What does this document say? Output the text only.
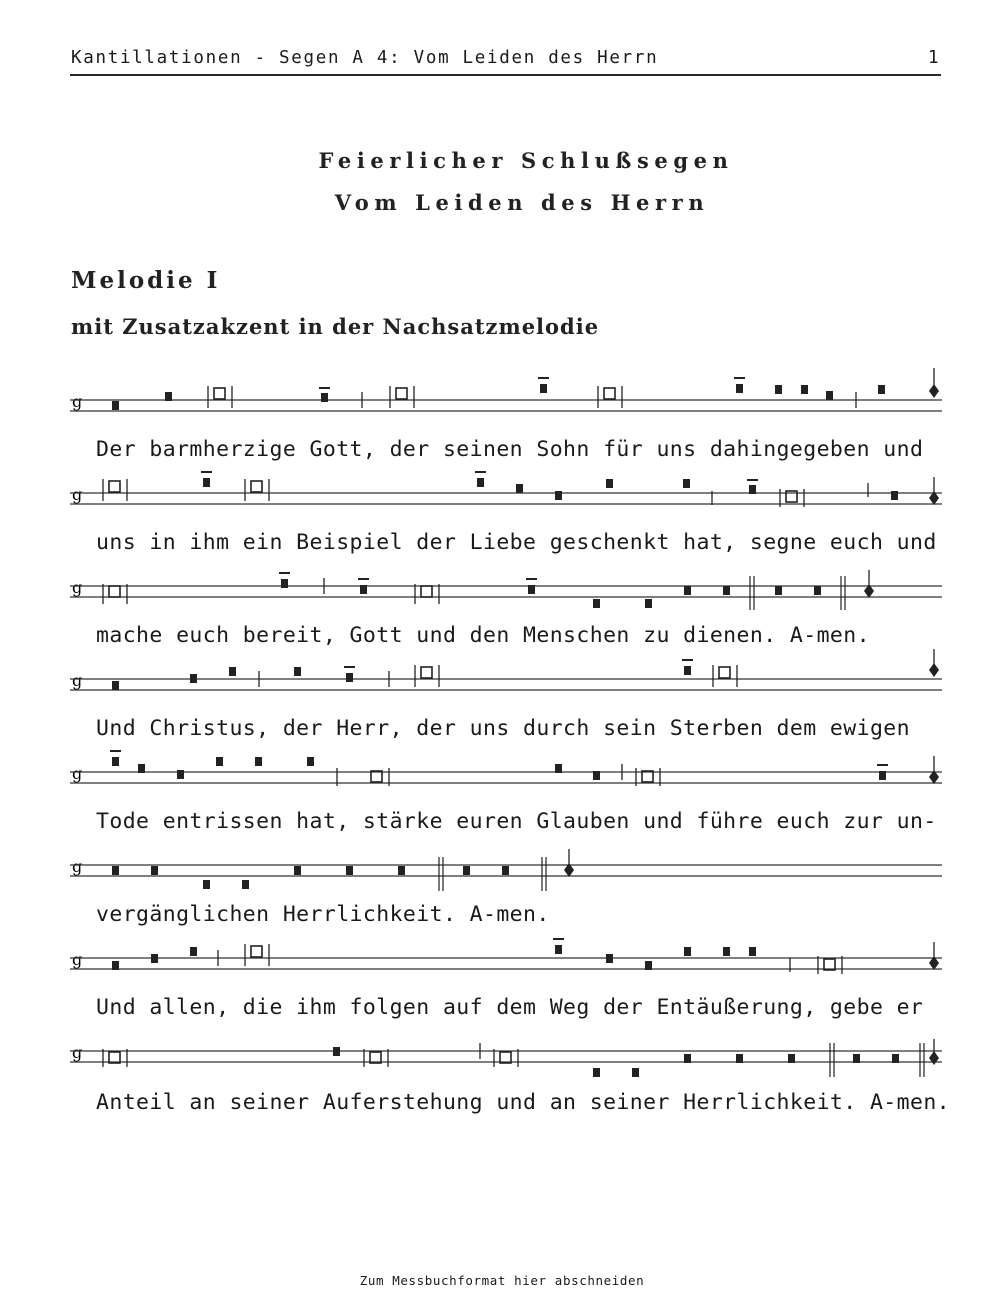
Kantillationen - Segen A 4: Vom Leiden des Herrn	1
Feierlicher Schlußsegen
Vom Leiden des Herrn
Melodie I
mit Zusatzakzent in der Nachsatzmelodie
g
Der barmherzige Gott, der seinen Sohn für uns dahingegeben und
g
uns in ihm ein Beispiel der Liebe geschenkt hat, segne euch und
g
mache euch bereit, Gott und den Menschen zu dienen. A-men.
g
Und Christus, der Herr, der uns durch sein Sterben dem ewigen
g
Tode entrissen hat, stärke euren Glauben und führe euch zur un-
g
vergänglichen Herrlichkeit. A-men.
g
Und allen, die ihm folgen auf dem Weg der Entäußerung, gebe er
g
Anteil an seiner Auferstehung und an seiner Herrlichkeit. A-men.
Zum Messbuchformat hier abschneiden
